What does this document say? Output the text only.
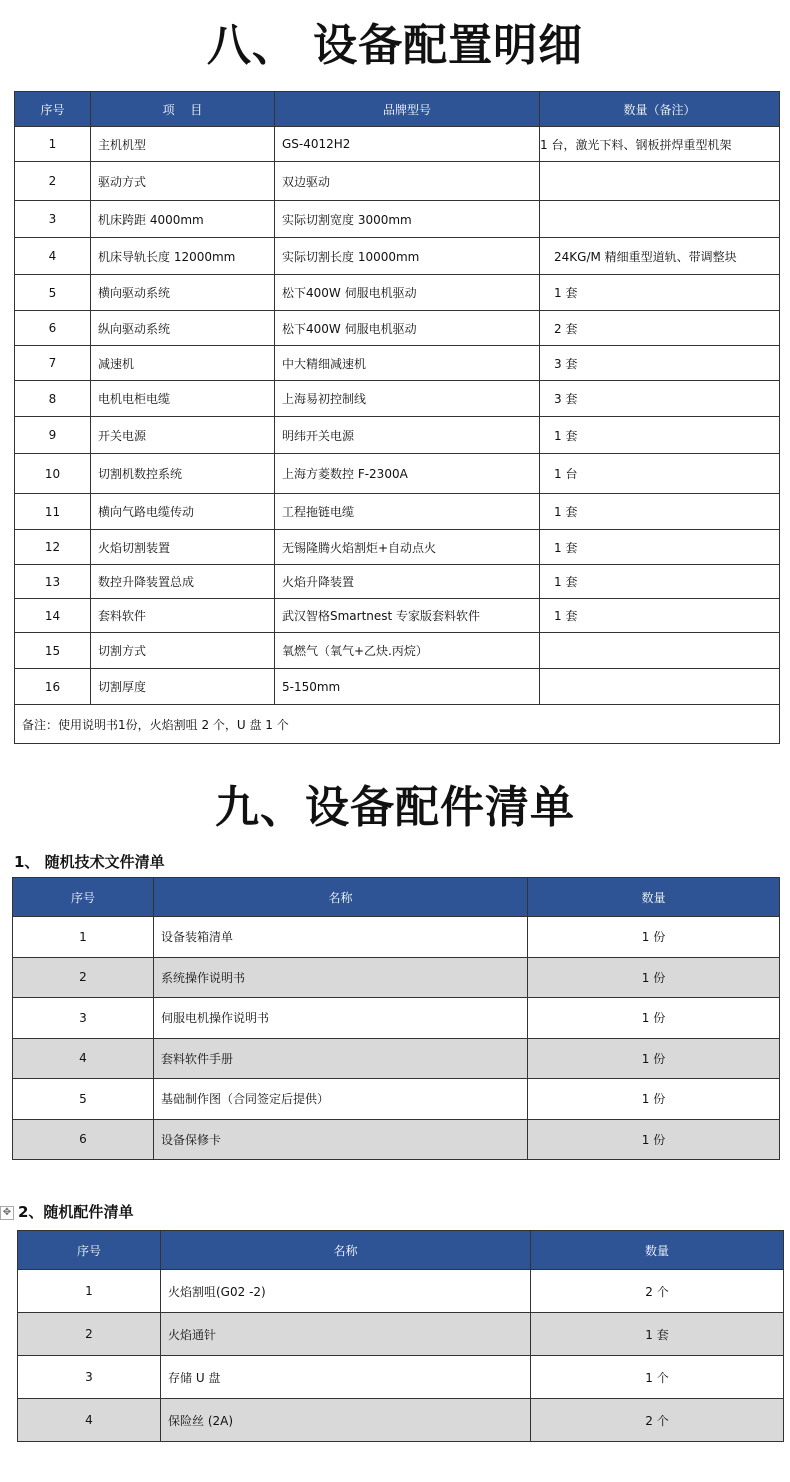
八、 设备配置明细
序号	项　 目	品牌型号	数量（备注）
1	主机机型	GS-4012H2	1 台，激光下料、钢板拼焊重型机架
2	驱动方式	双边驱动	
3	机床跨距 4000mm	实际切割宽度 3000mm	
4	机床导轨长度 12000mm	实际切割长度 10000mm	24KG/M 精细重型道轨、带调整块
5	横向驱动系统	松下400W 伺服电机驱动	1 套
6	纵向驱动系统	松下400W 伺服电机驱动	2 套
7	减速机	中大精细减速机	3 套
8	电机电柜电缆	上海易初控制线	3 套
9	开关电源	明纬开关电源	1 套
10	切割机数控系统	上海方菱数控 F-2300A	1 台
11	横向气路电缆传动	工程拖链电缆	1 套
12	火焰切割装置	无锡隆腾火焰割炬+自动点火	1 套
13	数控升降装置总成	火焰升降装置	1 套
14	套料软件	武汉智格Smartnest 专家版套料软件	1 套
15	切割方式	氧燃气（氧气+乙炔.丙烷）	
16	切割厚度	5-150mm	
备注：使用说明书1份，火焰割咀 2 个，U 盘 1 个			
九、设备配件清单
1、 随机技术文件清单
序号	名称	数量
1	设备装箱清单	1 份
2	系统操作说明书	1 份
3	伺服电机操作说明书	1 份
4	套料软件手册	1 份
5	基础制作图（合同签定后提供）	1 份
6	设备保修卡	1 份
✥ 2、随机配件清单
序号	名称	数量
1	火焰割咀(G02 -2)	2 个
2	火焰通针	1 套
3	存储 U 盘	1 个
4	保险丝 (2A)	2 个
